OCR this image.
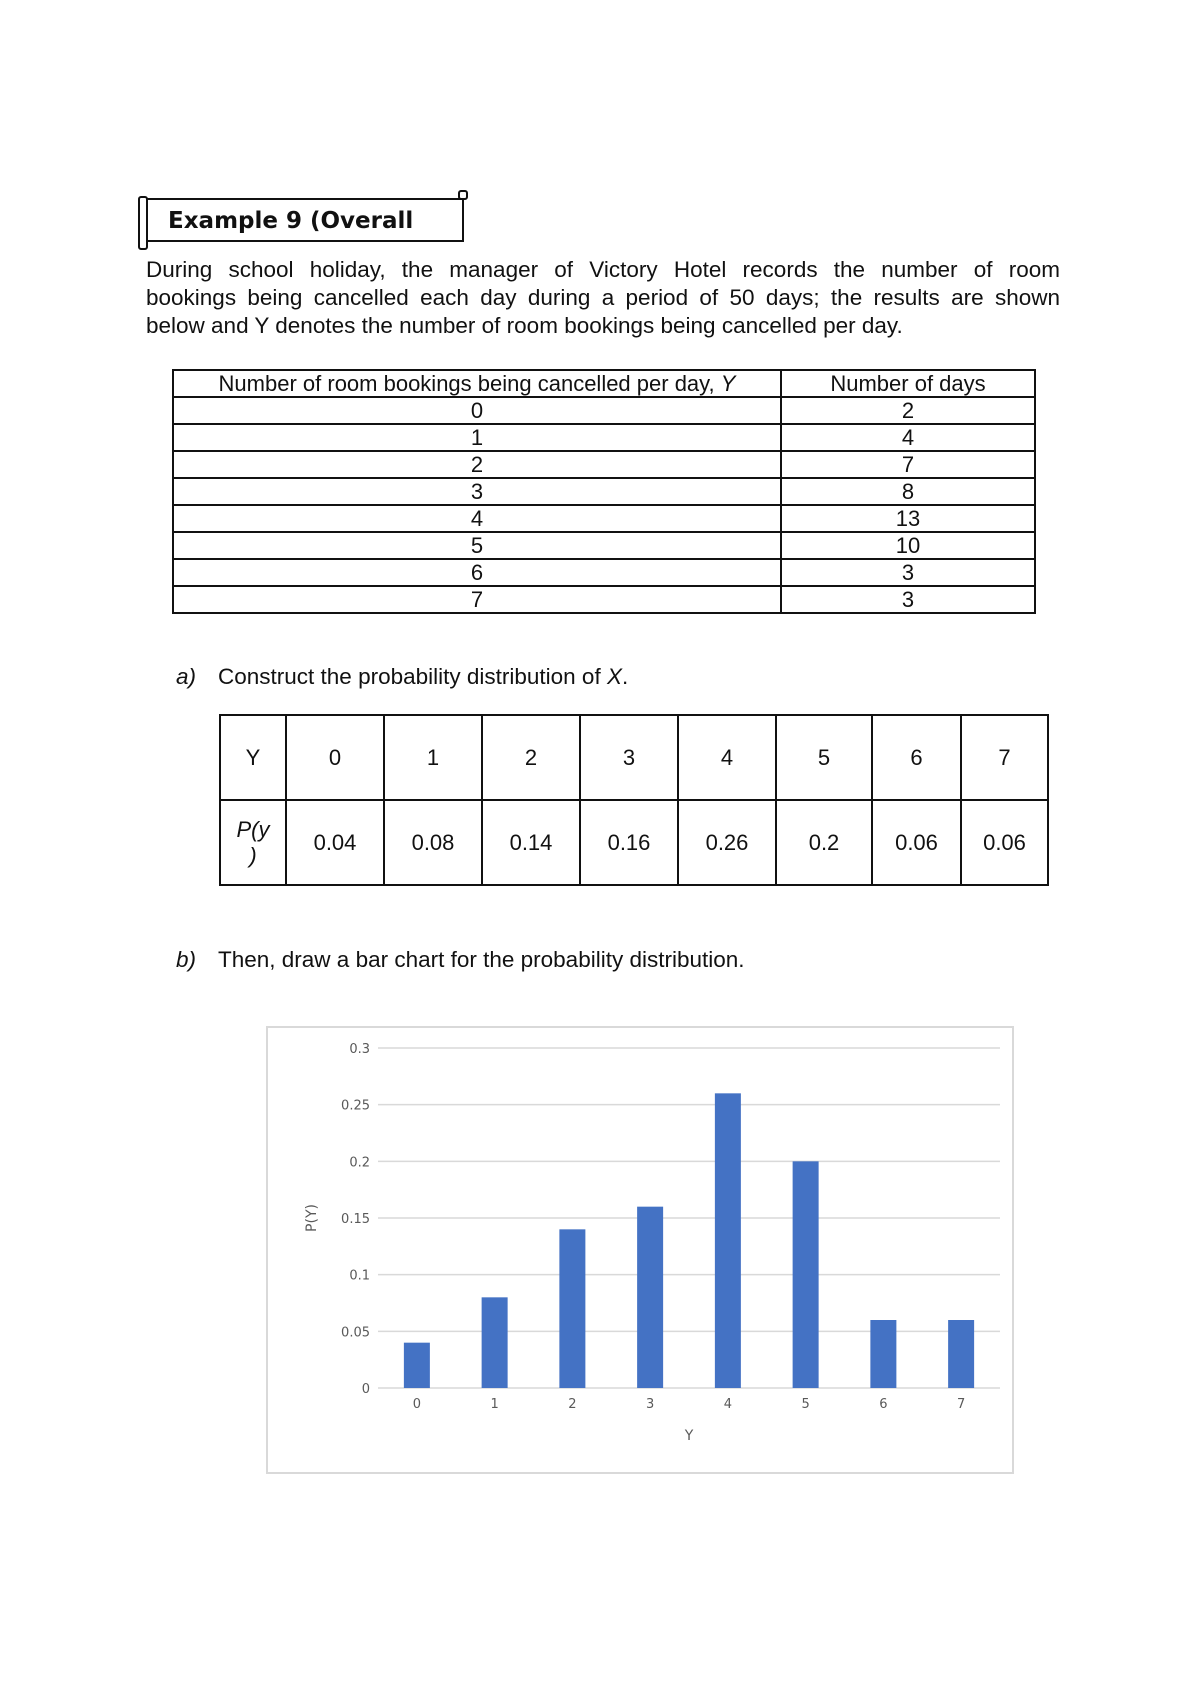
Example 9 (Overall
During school holiday, the manager of Victory Hotel records the number of room
bookings being cancelled each day during a period of 50 days; the results are shown
below and Y denotes the number of room bookings being cancelled per day.
Number of room bookings being cancelled per day, Y	Number of days
0	2
1	4
2	7
3	8
4	13
5	10
6	3
7	3
a) Construct the probability distribution of X.
Y	0	1	2	3	4	5	6	7
P(y
)	0.04	0.08	0.14	0.16	0.26	0.2	0.06	0.06
b) Then, draw a bar chart for the probability distribution.
0
0.05
0.1
0.15
0.2
0.25
0.3
0	1	2	3	4	5	6	7
Y
P(Y)
